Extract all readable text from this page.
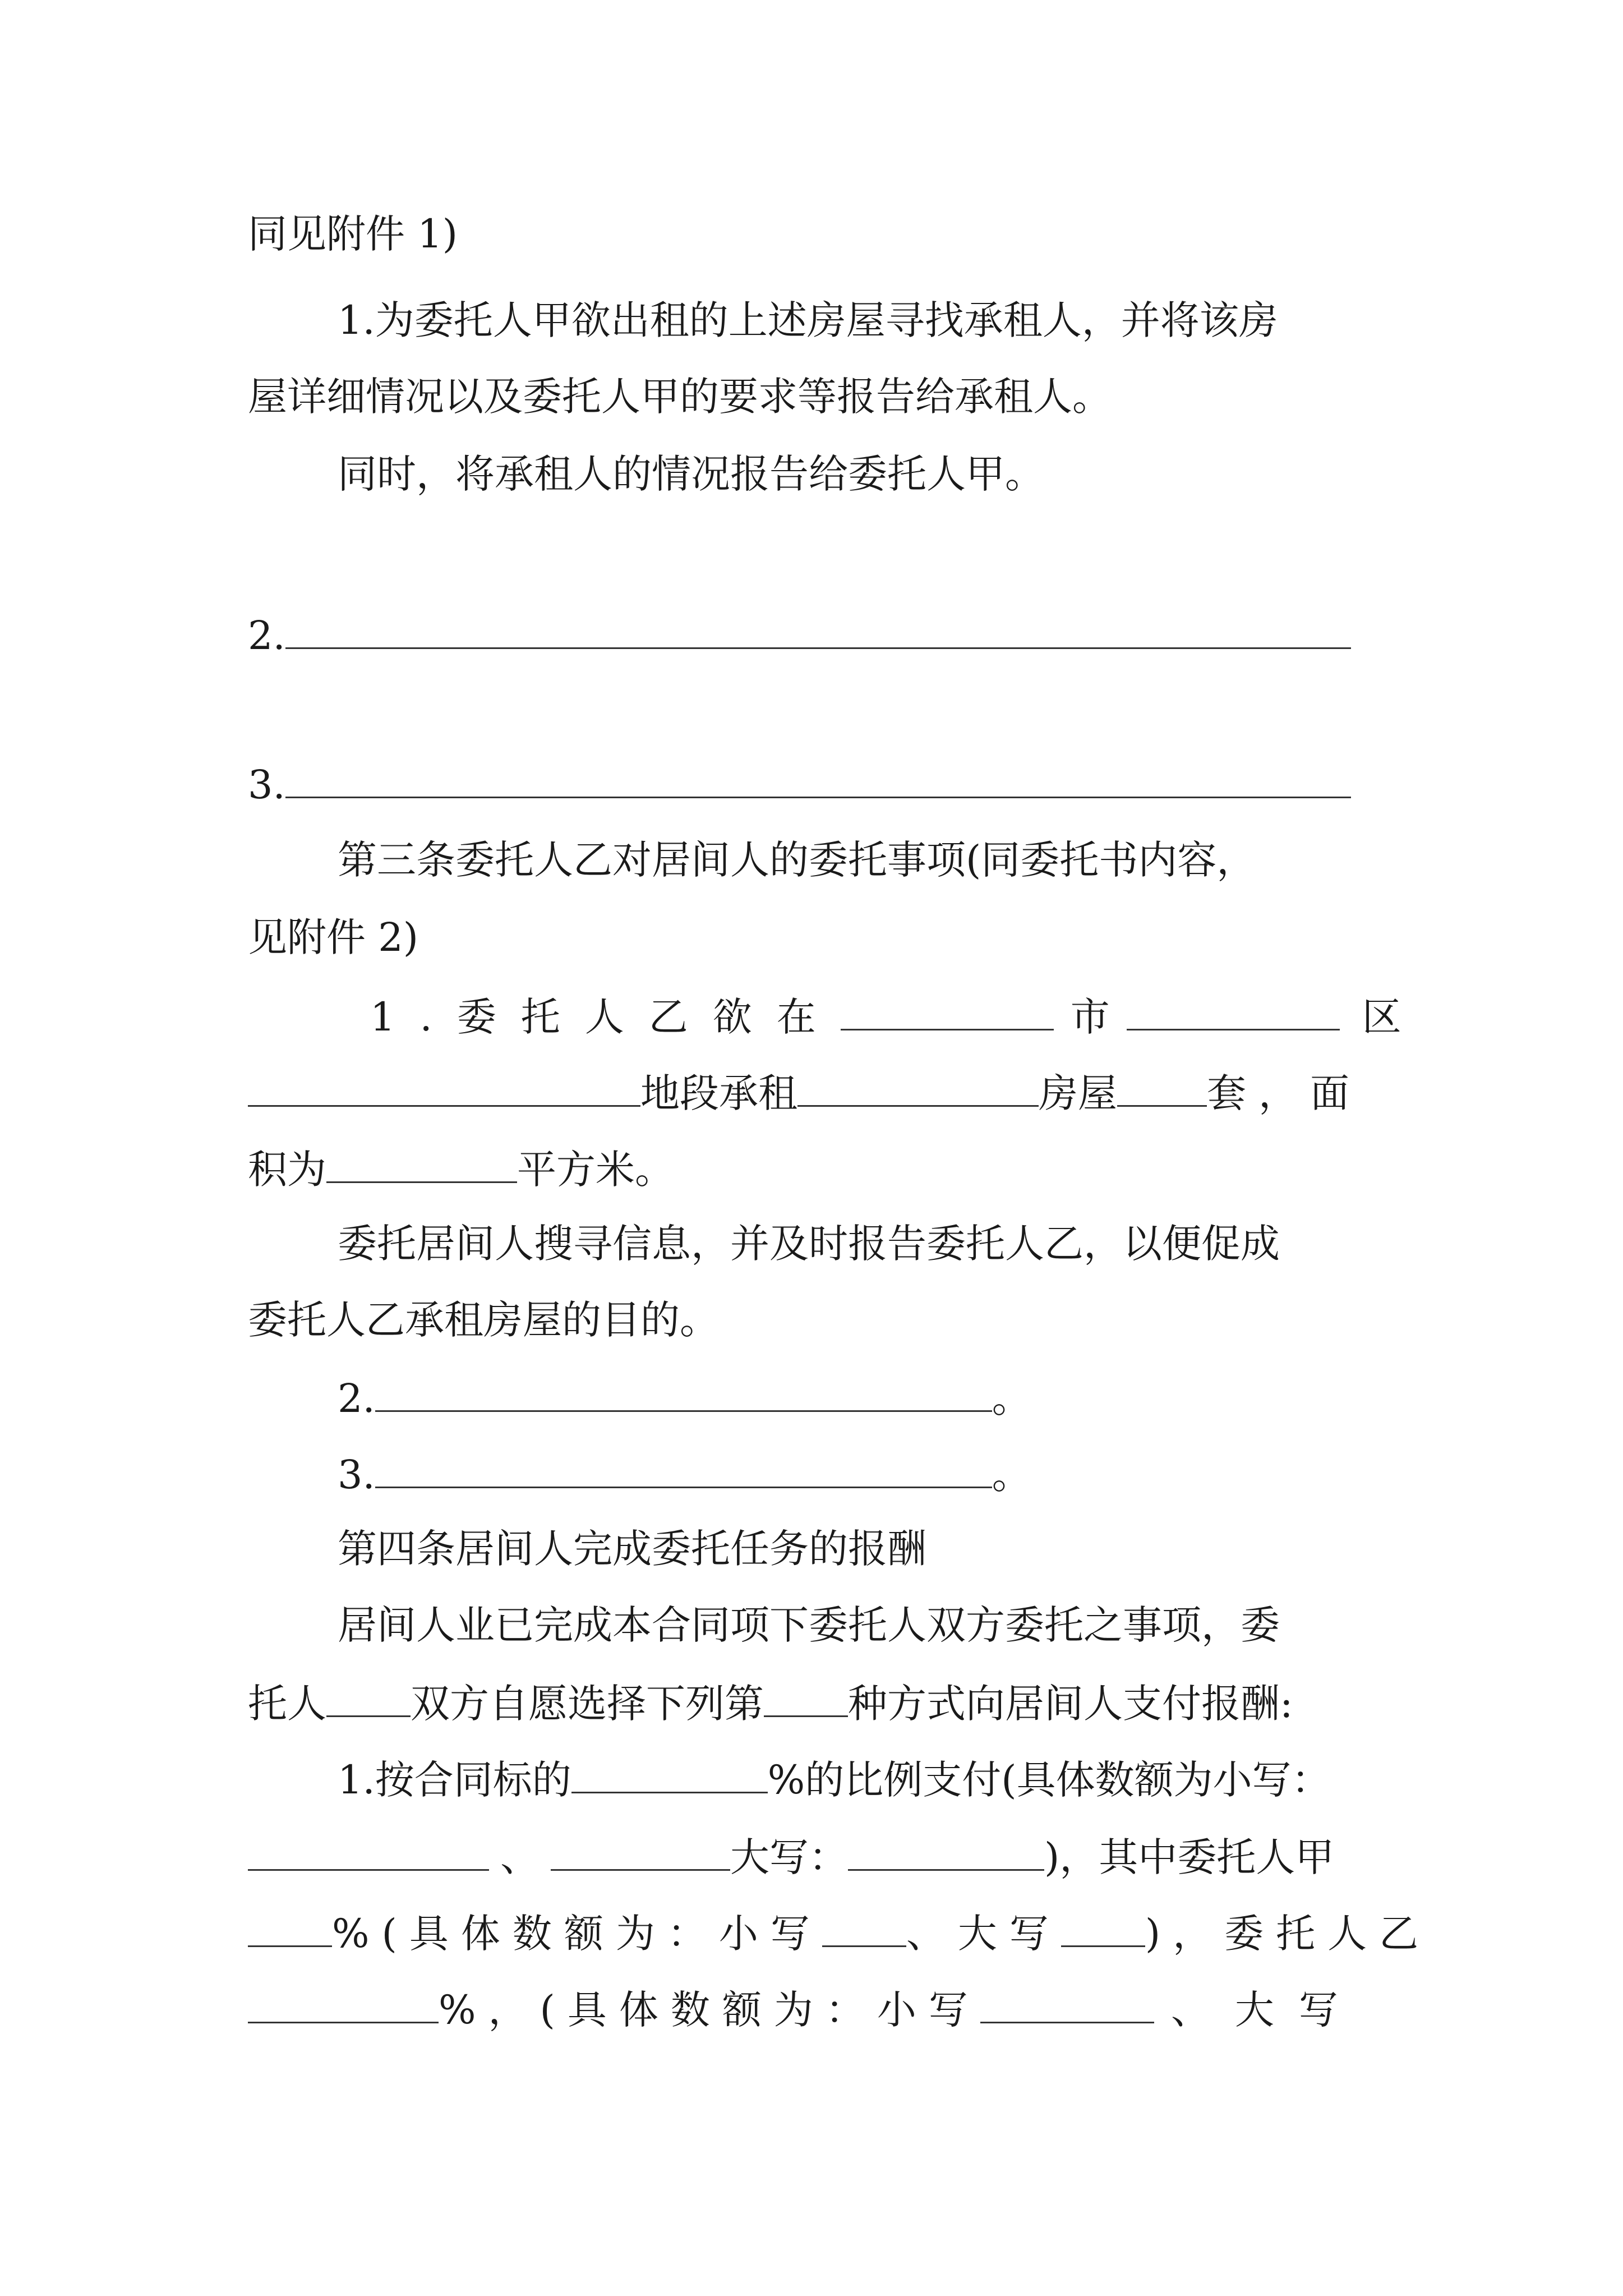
同见附件 1)
1.为委托人甲欲出租的上述房屋寻找承租人，并将该房
屋详细情况以及委托人甲的要求等报告给承租人。
同时，将承租人的情况报告给委托人甲。
2.
3.
第三条委托人乙对居间人的委托事项(同委托书内容，
见附件 2)
1.委托人乙欲在	市	区
地段承租	房屋 套，面
积为	平方米。
委托居间人搜寻信息，并及时报告委托人乙，以便促成
委托人乙承租房屋的目的。
2.	。
3.	。
第四条居间人完成委托任务的报酬
居间人业已完成本合同项下委托人双方委托之事项，委
托人 双方自愿选择下列第 种方式向居间人支付报酬:
1.按合同标的	%的比例支付(具体数额为小写：
、	大写：	)，其中委托人甲
%(具体数额为：小写 、大写 )，委托人乙
%，(具体数额为：小写	、大写
